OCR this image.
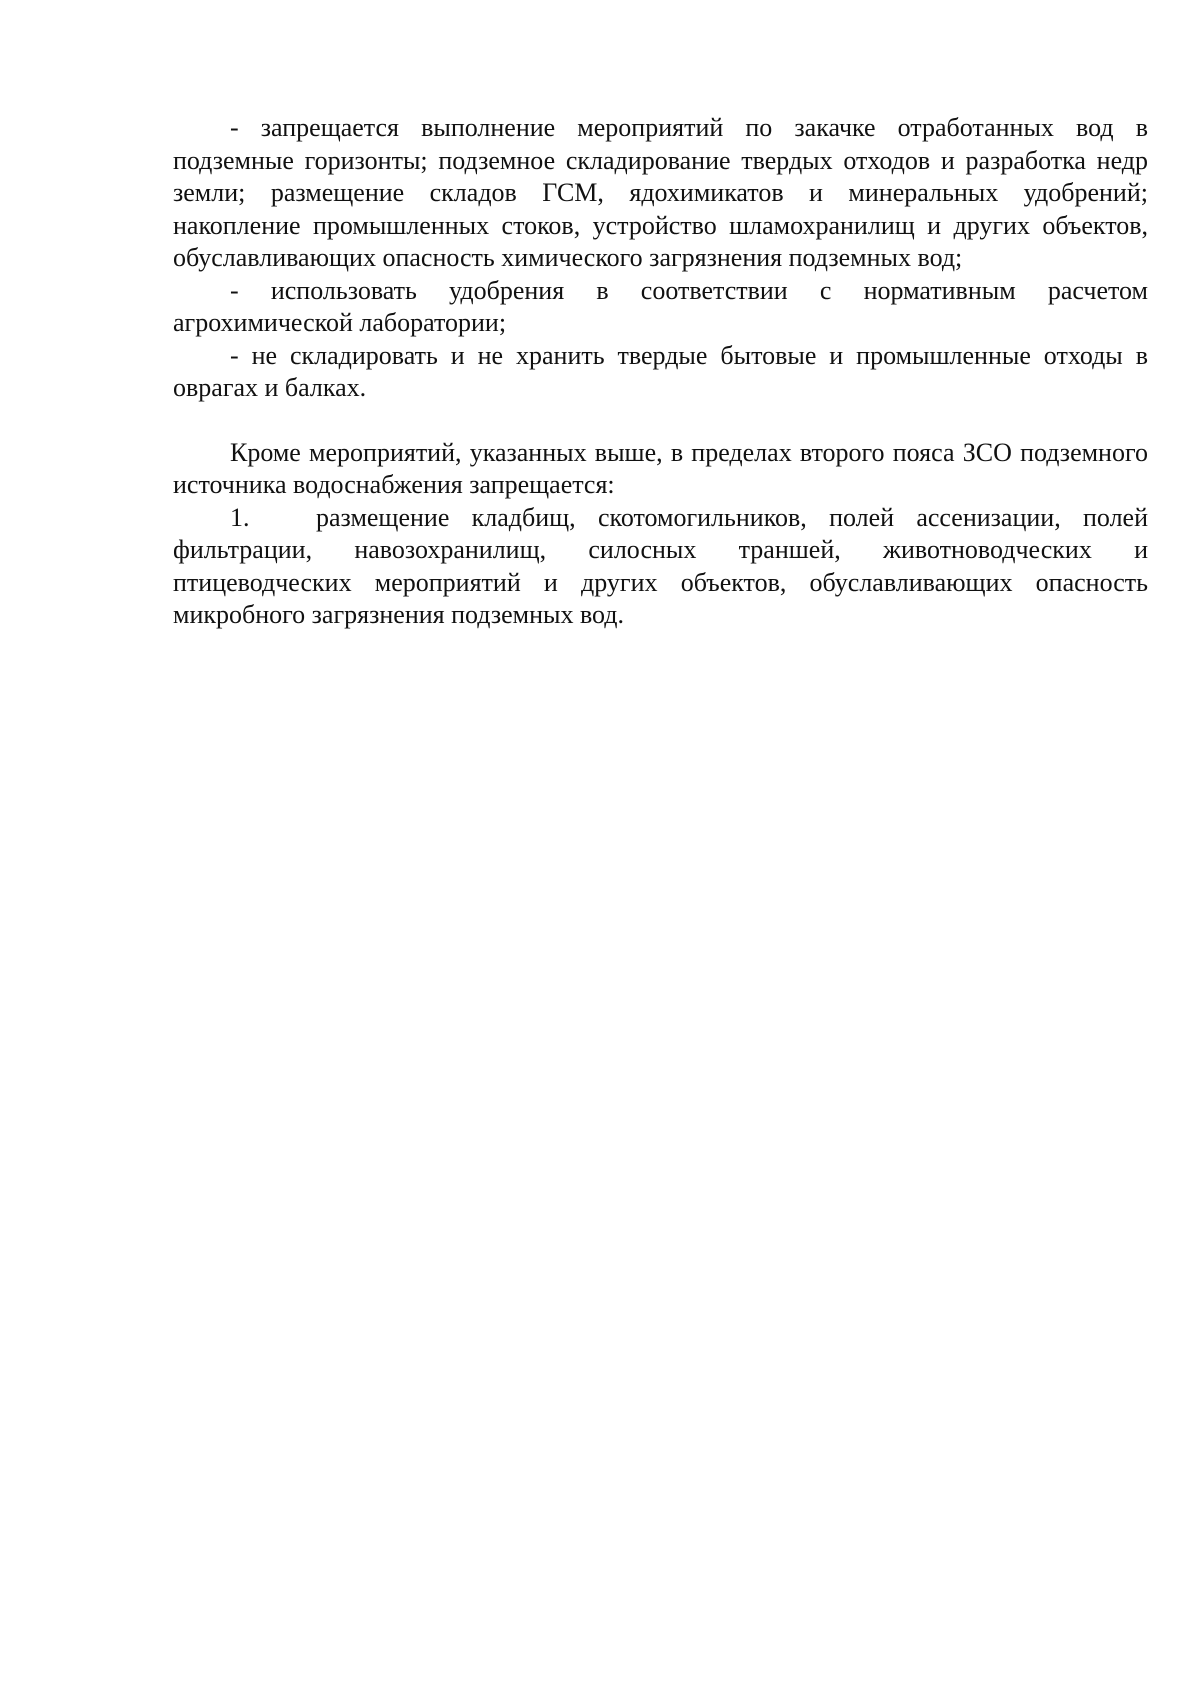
- запрещается выполнение мероприятий по закачке отработанных вод в подземные горизонты; подземное складирование твердых отходов и разработка недр земли; размещение складов ГСМ, ядохимикатов и минеральных удобрений; накопление промышленных стоков, устройство шламохранилищ и других объектов, обуславливающих опасность химического загрязнения подземных вод;

- использовать удобрения в соответствии с нормативным расчетом агрохимической лаборатории;

- не складировать и не хранить твердые бытовые и промышленные отходы в оврагах и балках.

Кроме мероприятий, указанных выше, в пределах второго пояса ЗСО подземного источника водоснабжения запрещается:

1.	размещение кладбищ, скотомогильников, полей ассенизации, полей фильтрации, навозохранилищ, силосных траншей, животноводческих и птицеводческих мероприятий и других объектов, обуславливающих опасность микробного загрязнения подземных вод.
